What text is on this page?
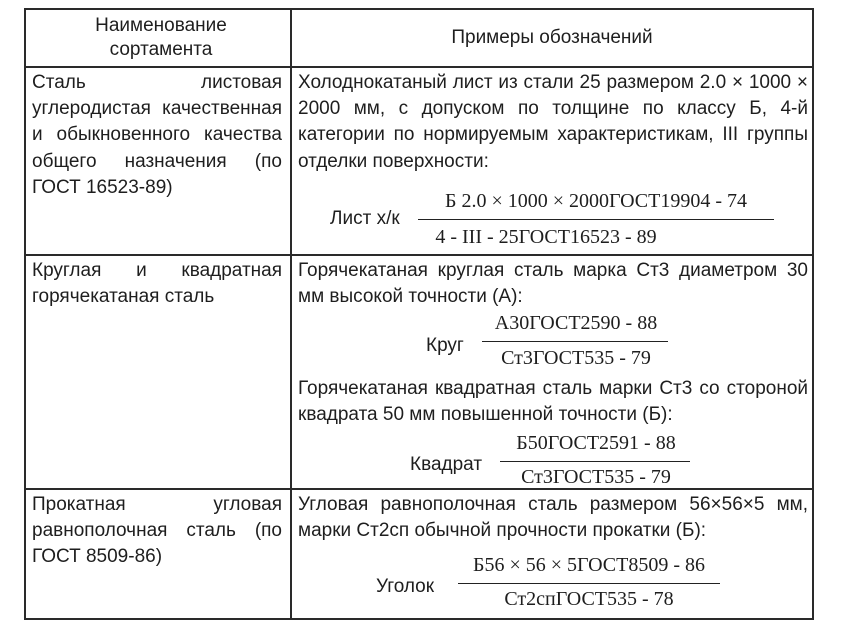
Наименование сортамента
Примеры обозначений
Сталь листовая углеродистая качественная и обыкновенного качества общего назначения (по ГОСТ 16523-89)
Холоднокатаный лист из стали 25 размером 2.0 × 1000 × 2000 мм, с допуском по толщине по классу Б, 4-й категории по нормируемым характеристикам, III группы отделки поверхности:
Лист х/к
Б 2.0 × 1000 × 2000ГОСТ19904 - 74
4 - III - 25ГОСТ16523 - 89
Круглая и квадратная горячекатаная сталь
Горячекатаная круглая сталь марка Ст3 диаметром 30 мм высокой точности (А):
Круг
А30ГОСТ2590 - 88
Ст3ГОСТ535 - 79
Горячекатаная квадратная сталь марки Ст3 со стороной квадрата 50 мм повышенной точности (Б):
Квадрат
Б50ГОСТ2591 - 88
Ст3ГОСТ535 - 79
Прокатная угловая равнополочная сталь (по ГОСТ 8509-86)
Угловая равнополочная сталь размером 56×56×5 мм, марки Ст2сп обычной прочности прокатки (Б):
Уголок
Б56 × 56 × 5ГОСТ8509 - 86
Ст2спГОСТ535 - 78
